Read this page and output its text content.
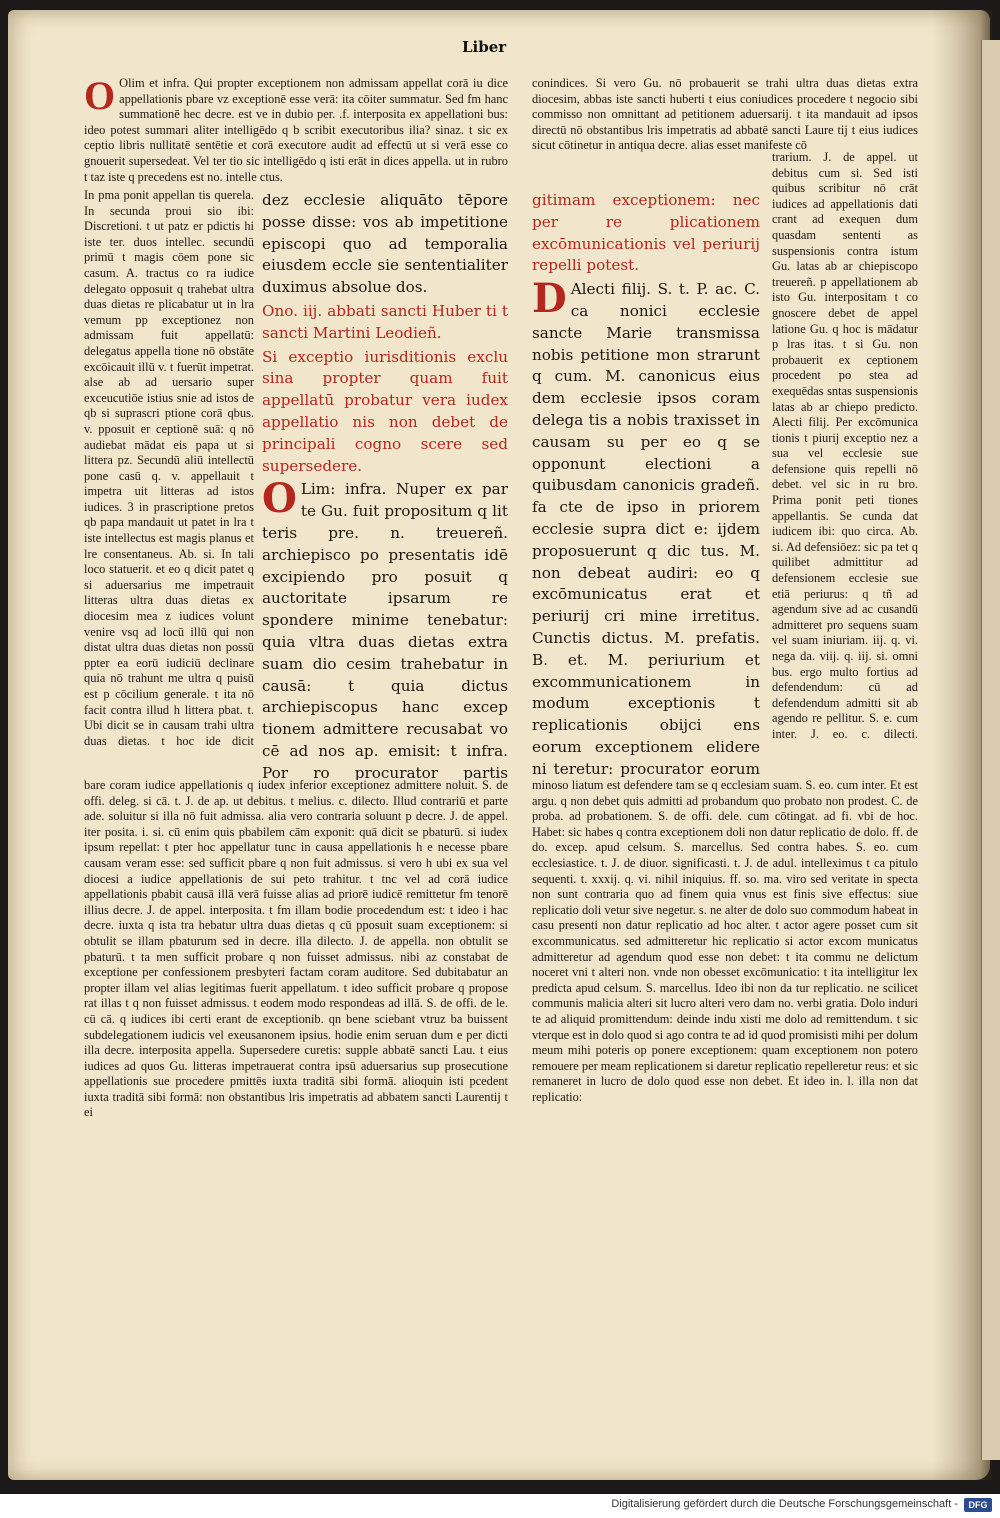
Liber
O Olim et infra. Qui propter exceptionem non admissam appellat corā iu dice appellationis pbare vz exceptionē esse verā: ita cōiter summatur. Sed fm hanc summationē hec decre. est ve in dubio per. .f. interposita ex appellationi bus: ideo potest summari aliter intelligēdo q b scribit executoribus ilia? sinaz. t sic ex ceptio libris nullitatē sentētie et corā executore audit ad effectū ut si verā esse co gnouerit supersedeat. Vel ter tio sic intelligēdo q isti erāt in dices appella. ut in rubro t taz iste q precedens est no. intelle ctus.
In pma ponit appellan tis querela. In secunda proui sio ibi: Discretioni. t ut patz er pdictis hi iste ter. duos intellec. secundū primū t magis cōem pone sic casum. A. tractus co ra iudice delegato opposuit q trahebat ultra duas dietas re plicabatur ut in lra vemum pp exceptionez non admissam fuit appellatū: delegatus appella tione nō obstāte excōicauit illū v. t fuerūt impetrat. alse ab ad uersario super exceucutiōe istius snie ad istos de qb si suprascri ptione corā qbus. v. pposuit er ceptionē suā: q nō audiebat mādat eis papa ut si littera pz. Secundū aliū intellectū pone casū q. v. appellauit t impetra uit litteras ad istos iudices. 3 in prascriptione pretos qb papa mandauit ut patet in lra t iste intellectus est magis planus et lre consentaneus. Ab. si. In tali loco statuerit. et eo q dicit patet q si aduersarius me impetrauit litteras ultra duas dietas ex diocesim mea z iudices volunt venire vsq ad locū illū qui non distat ultra duas dietas non possū ppter ea eorū iudiciū declinare quia nō trahunt me ultra q puisū est p cōcilium generale. t ita nō facit contra illud h littera pbat. t. Ubi dicit se in causam trahi ultra duas dietas. t hoc ide dicit

dez ecclesie aliquāto tēpore posse disse: vos ab impetitione episcopi quo ad temporalia eiusdem eccle sie sententialiter duximus absolue dos.

Ono. iij. abbati sancti Huber ti t sancti Martini Leodieñ.

Si exceptio iurisditionis exclu sina propter quam fuit appellatū probatur vera iudex appellatio nis non debet de principali cogno scere sed supersedere.

O Lim: infra. Nuper ex par te Gu. fuit propositum q lit teris pre. n. treuereñ. archiepisco po presentatis idē excipiendo pro posuit q auctoritate ipsarum re spondere minime tenebatur: quia vltra duas dietas extra suam dio cesim trahebatur in causā: t quia dictus archiepiscopus hanc excep tionem admittere recusabat vo cē ad nos ap. emisit: t infra. Por ro procurator partis

conindices. Si vero Gu. nō probauerit se trahi ultra duas dietas extra diocesim, abbas iste sancti huberti t eius coniudices procedere t negocio sibi commisso non omnittant ad petitionem aduersarij. t ita mandauit ad ipsos directū nō obstantibus lris impetratis ad abbatē sancti Laure tij t eius iudices sicut cōtinetur in antiqua decre. alias esset manifeste cō

gitimam exceptionem: nec per re plicationem excōmunicationis vel periurij repelli potest.

D Alecti filij. S. t. P. ac. C. ca nonici ecclesie sancte Marie transmissa nobis petitione mon strarunt q cum. M. canonicus eius dem ecclesie ipsos coram delega tis a nobis traxisset in causam su per eo q se opponunt electioni a quibusdam canonicis gradeñ. fa cte de ipso in priorem ecclesie supra dict e: ijdem proposuerunt q dic tus. M. non debeat audiri: eo q excōmunicatus erat et periurij cri mine irretitus. Cunctis dictus. M. prefatis. B. et. M. periurium et excommunicationem in modum exceptionis t replicationis obijci ens eorum exceptionem elidere ni teretur: procurator eorum

trarium. J. de appel. ut debitus cum si. Sed isti quibus scribitur nō crāt iudices ad appellationis dati crant ad exequen dum quasdam sententi as suspensionis contra istum Gu. latas ab ar chiepiscopo treuereñ. p appellationem ab isto Gu. interpositam t co gnoscere debet de appel latione Gu. q hoc is mādatur p lras itas. t si Gu. non probauerit ex ceptionem procedent po stea ad exequēdas sntas suspensionis latas ab ar chiepo predicto. Alecti filij. Per excōmunica tionis t piurij exceptio nez a sua vel ecclesie sue defensione quis repelli nō debet. vel sic in ru bro. Prima ponit peti tiones appellantis. Se cunda dat iudicem ibi: quo circa. Ab. si. Ad defensiōez: sic pa tet q quilibet admittitur ad defensionem ecclesie sue etiā periurus: q tñ ad agendum sive ad ac cusandū admitteret pro sequens suam vel suam iniuriam. iij. q. vi. nega da. viij. q. iij. si. omni bus. ergo multo fortius ad defendendum: cū ad defendendum admitti sit ab agendo re pellitur. S. e. cum inter. J. eo. c. dilecti.
bare coram iudice appellationis q iudex inferior exceptionez admittere noluit. S. de offi. deleg. si cā. t. J. de ap. ut debitus. t melius. c. dilecto. Illud contrariū et parte ade. soluitur si illa nō fuit admissa. alia vero contraria soluunt p decre. J. de appel. iter posita. i. si. cū enim quis pbabilem cām exponit: quā dicit se pbaturū. si iudex ipsum repellat: t pter hoc appellatur tunc in causa appellationis h e necesse pbare causam veram esse: sed sufficit pbare q non fuit admissus. si vero h ubi ex sua vel diocesi a iudice appellationis de sui peto trahitur. t tnc vel ad corā iudice appellationis pbabit causā illā verā fuisse alias ad priorē iudicē remittetur fm tenorē illius decre. J. de appel. interposita. t fm illam bodie procedendum est: t ideo i hac decre. iuxta q ista tra hebatur ultra duas dietas q cū pposuit suam exceptionem: si obtulit se illam pbaturum sed in decre. illa dilecto. J. de appella. non obtulit se pbaturū. t ta men sufficit probare q non fuisset admissus. nibi az constabat de exceptione per confessionem presbyteri factam coram auditore. Sed dubitabatur an propter illam vel alias legitimas fuerit appellatum. t ideo sufficit probare q propose rat illas t q non fuisset admissus. t eodem modo respondeas ad illā. S. de offi. de le. cū cā. q iudices ibi certi erant de exceptionib. qn bene sciebant vtruz ba buissent subdelegationem iudicis vel exeusanonem ipsius. hodie enim seruan dum e per dicti illa decre. interposita appella. Supersedere curetis: supple abbatē sancti Lau. t eius iudices ad quos Gu. litteras impetrauerat contra ipsū aduersarius sup prosecutione appellationis sue procedere pmittēs iuxta traditā sibi formā. alioquin isti pcedent iuxta traditā sibi formā: non obstantibus lris impetratis ad abbatem sancti Laurentij t ei
minoso liatum est defendere tam se q ecclesiam suam. S. eo. cum inter. Et est argu. q non debet quis admitti ad probandum quo probato non prodest. C. de proba. ad probationem. S. de offi. dele. cum cōtingat. ad fi. vbi de hoc. Habet: sic habes q contra exceptionem doli non datur replicatio de dolo. ff. de do. excep. apud celsum. S. marcellus. Sed contra habes. S. eo. cum ecclesiastice. t. J. de diuor. significasti. t. J. de adul. intelleximus t ca pitulo sequenti. t. xxxij. q. vi. nihil iniquius. ff. so. ma. viro sed veritate in specta non sunt contraria quo ad finem quia vnus est finis sive effectus: siue replicatio doli vetur sive negetur. s. ne alter de dolo suo commodum habeat in casu presenti non datur replicatio ad hoc alter. t actor agere posset cum sit excommunicatus. sed admitteretur hic replicatio si actor excom municatus admitteretur ad agendum quod esse non debet: t ita commu ne delictum noceret vni t alteri non. vnde non obesset excōmunicatio: t ita intelligitur lex predicta apud celsum. S. marcellus. Ideo ibi non da tur replicatio. ne scilicet communis malicia alteri sit lucro alteri vero dam no. verbi gratia. Dolo induri te ad aliquid promittendum: deinde indu xisti me dolo ad remittendum. t sic vterque est in dolo quod si ago contra te ad id quod promisisti mihi per dolum meum mihi poteris op ponere exceptionem: quam exceptionem non potero remouere per meam replicationem si daretur replicatio repelleretur reus: et sic remaneret in lucro de dolo quod esse non debet. Et ideo in. l. illa non dat replicatio:
Digitalisierung gefördert durch die Deutsche Forschungsgemeinschaft -	DFG
